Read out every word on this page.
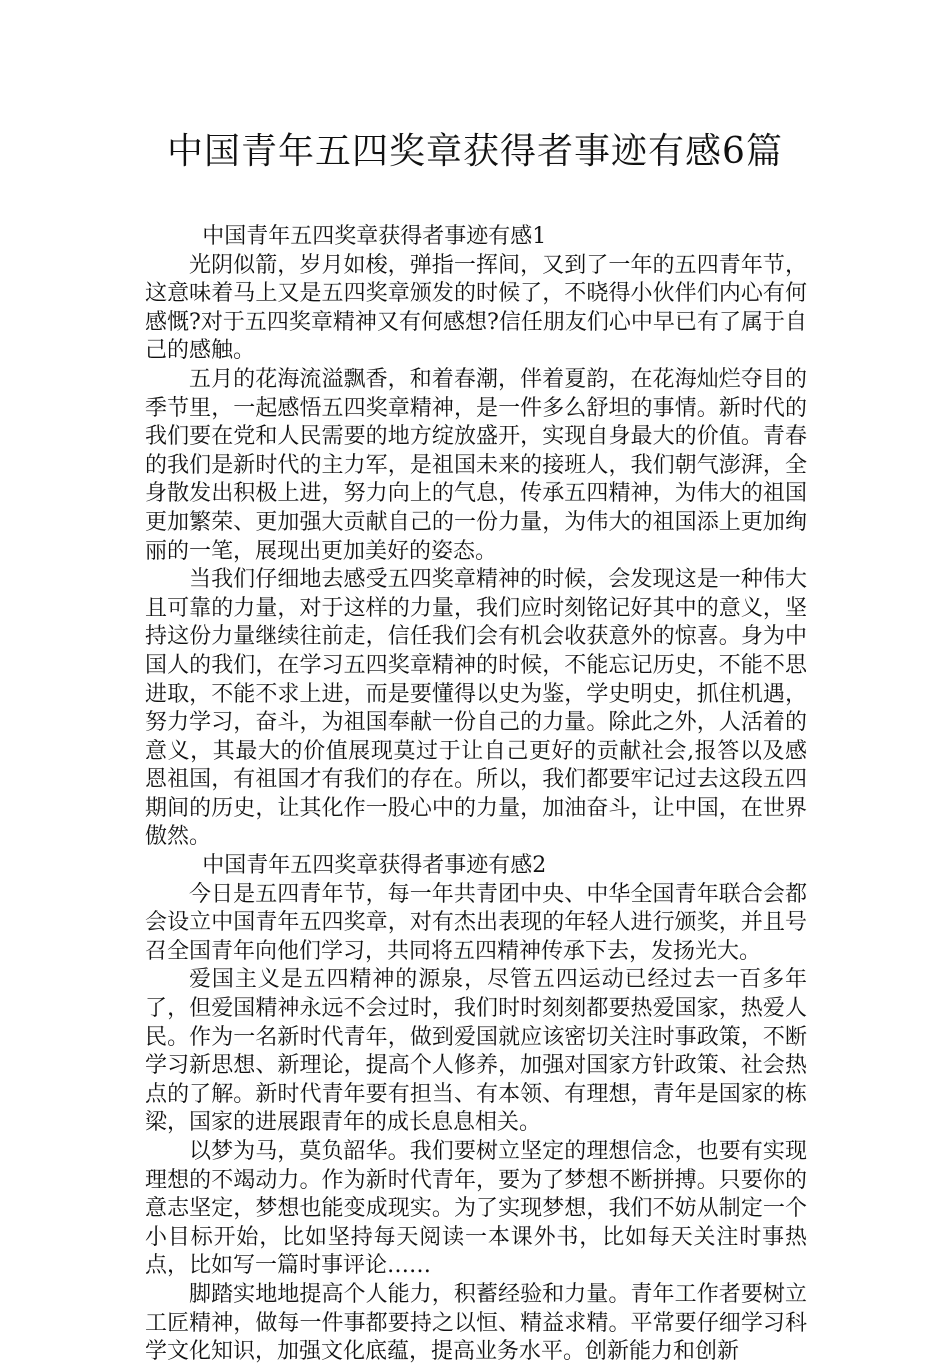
中国青年五四奖章获得者事迹有感6篇

中国青年五四奖章获得者事迹有感1

光阴似箭，岁月如梭，弹指一挥间，又到了一年的五四青年节，这意味着马上又是五四奖章颁发的时候了，不晓得小伙伴们内心有何感慨?对于五四奖章精神又有何感想?信任朋友们心中早已有了属于自己的感触。

五月的花海流溢飘香，和着春潮，伴着夏韵，在花海灿烂夺目的季节里，一起感悟五四奖章精神，是一件多么舒坦的事情。新时代的我们要在党和人民需要的地方绽放盛开，实现自身最大的价值。青春的我们是新时代的主力军，是祖国未来的接班人，我们朝气澎湃，全身散发出积极上进，努力向上的气息，传承五四精神，为伟大的祖国更加繁荣、更加强大贡献自己的一份力量，为伟大的祖国添上更加绚丽的一笔，展现出更加美好的姿态。

当我们仔细地去感受五四奖章精神的时候，会发现这是一种伟大且可靠的力量，对于这样的力量，我们应时刻铭记好其中的意义，坚持这份力量继续往前走，信任我们会有机会收获意外的惊喜。身为中国人的我们，在学习五四奖章精神的时候，不能忘记历史，不能不思进取，不能不求上进，而是要懂得以史为鉴，学史明史，抓住机遇，努力学习，奋斗，为祖国奉献一份自己的力量。除此之外，人活着的意义，其最大的价值展现莫过于让自己更好的贡献社会,报答以及感恩祖国，有祖国才有我们的存在。所以，我们都要牢记过去这段五四期间的历史，让其化作一股心中的力量，加油奋斗，让中国，在世界傲然。

中国青年五四奖章获得者事迹有感2

今日是五四青年节，每一年共青团中央、中华全国青年联合会都会设立中国青年五四奖章，对有杰出表现的年轻人进行颁奖，并且号召全国青年向他们学习，共同将五四精神传承下去，发扬光大。

爱国主义是五四精神的源泉，尽管五四运动已经过去一百多年了，但爱国精神永远不会过时，我们时时刻刻都要热爱国家，热爱人民。作为一名新时代青年，做到爱国就应该密切关注时事政策，不断学习新思想、新理论，提高个人修养，加强对国家方针政策、社会热点的了解。新时代青年要有担当、有本领、有理想，青年是国家的栋梁，国家的进展跟青年的成长息息相关。

以梦为马，莫负韶华。我们要树立坚定的理想信念，也要有实现理想的不竭动力。作为新时代青年，要为了梦想不断拼搏。只要你的意志坚定，梦想也能变成现实。为了实现梦想，我们不妨从制定一个小目标开始，比如坚持每天阅读一本课外书，比如每天关注时事热点，比如写一篇时事评论……

脚踏实地地提高个人能力，积蓄经验和力量。青年工作者要树立工匠精神，做每一件事都要持之以恒、精益求精。平常要仔细学习科学文化知识，加强文化底蕴，提高业务水平。创新能力和创新
